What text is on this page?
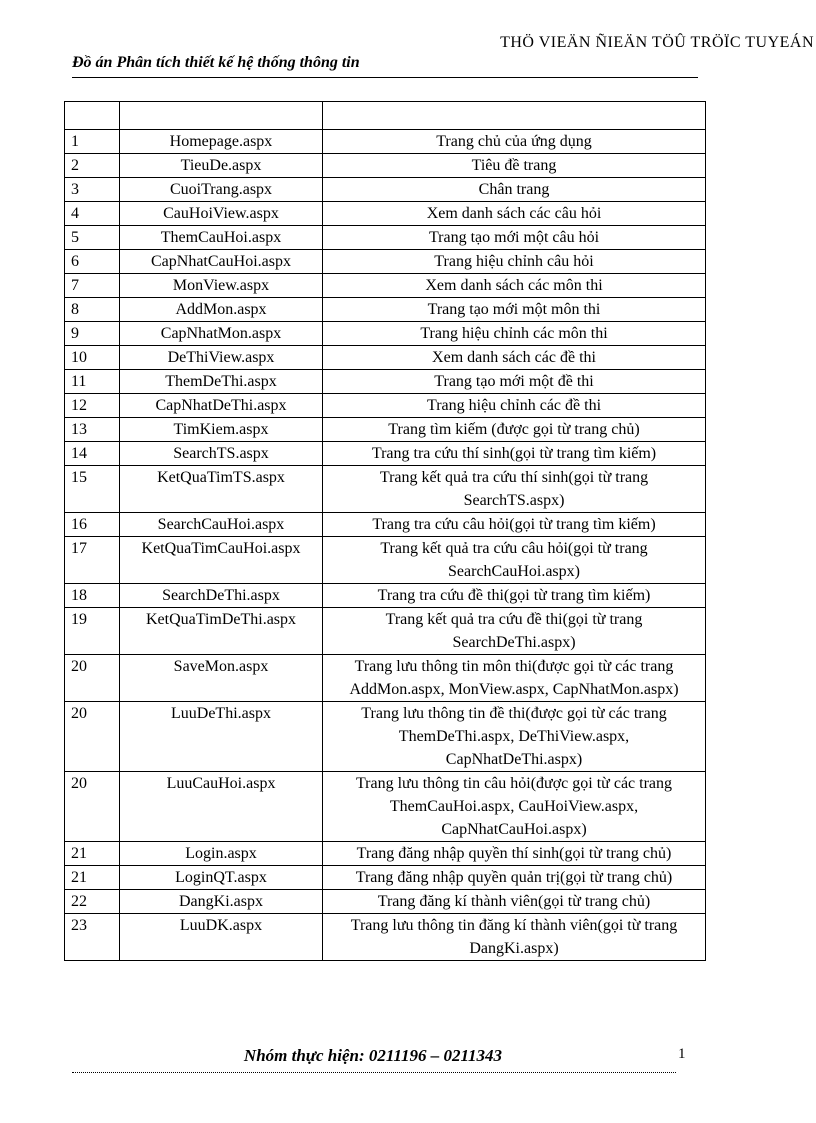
THÖ VIEÄN ÑIEÄN TÖÛ TRÖÏC TUYEÁN
Đồ án Phân tích thiết kế hệ thống thông tin

1	Homepage.aspx	Trang chủ của ứng dụng
2	TieuDe.aspx	Tiêu đề trang
3	CuoiTrang.aspx	Chân trang
4	CauHoiView.aspx	Xem danh sách các câu hỏi
5	ThemCauHoi.aspx	Trang tạo mới một câu hỏi
6	CapNhatCauHoi.aspx	Trang hiệu chỉnh câu hỏi
7	MonView.aspx	Xem danh sách các môn thi
8	AddMon.aspx	Trang tạo mới một môn thi
9	CapNhatMon.aspx	Trang hiệu chỉnh các môn thi
10	DeThiView.aspx	Xem danh sách các đề thi
11	ThemDeThi.aspx	Trang tạo mới một đề thi
12	CapNhatDeThi.aspx	Trang hiệu chỉnh các đề thi
13	TimKiem.aspx	Trang tìm kiếm (được gọi từ trang chủ)
14	SearchTS.aspx	Trang tra cứu thí sinh(gọi từ trang tìm kiếm)
15	KetQuaTimTS.aspx	Trang kết quả tra cứu thí sinh(gọi từ trang SearchTS.aspx)
16	SearchCauHoi.aspx	Trang tra cứu câu hỏi(gọi từ trang tìm kiếm)
17	KetQuaTimCauHoi.aspx	Trang kết quả tra cứu câu hỏi(gọi từ trang SearchCauHoi.aspx)
18	SearchDeThi.aspx	Trang tra cứu đề thi(gọi từ trang tìm kiếm)
19	KetQuaTimDeThi.aspx	Trang kết quả tra cứu đề thi(gọi từ trang SearchDeThi.aspx)
20	SaveMon.aspx	Trang lưu thông tin môn thi(được gọi từ các trang AddMon.aspx, MonView.aspx, CapNhatMon.aspx)
20	LuuDeThi.aspx	Trang lưu thông tin đề thi(được gọi từ các trang ThemDeThi.aspx, DeThiView.aspx, CapNhatDeThi.aspx)
20	LuuCauHoi.aspx	Trang lưu thông tin câu hỏi(được gọi từ các trang ThemCauHoi.aspx, CauHoiView.aspx, CapNhatCauHoi.aspx)
21	Login.aspx	Trang đăng nhập quyền thí sinh(gọi từ trang chủ)
21	LoginQT.aspx	Trang đăng nhập quyền quản trị(gọi từ trang chủ)
22	DangKi.aspx	Trang đăng kí thành viên(gọi từ trang chủ)
23	LuuDK.aspx	Trang lưu thông tin đăng kí thành viên(gọi từ trang DangKi.aspx)
Nhóm thực hiện: 0211196 – 0211343	1
